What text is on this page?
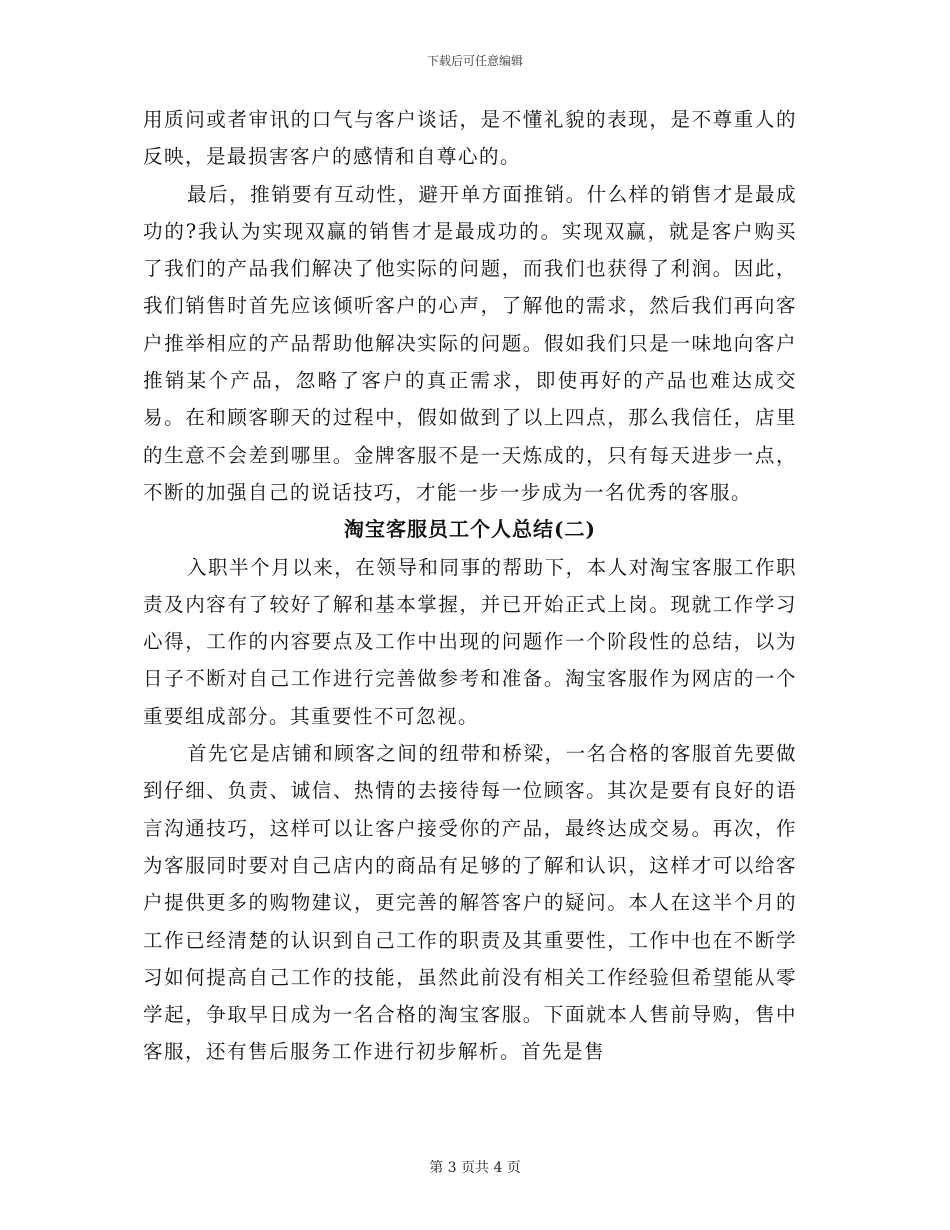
下载后可任意编辑

用质问或者审讯的口气与客户谈话，是不懂礼貌的表现，是不尊重人的反映，是最损害客户的感情和自尊心的。

最后，推销要有互动性，避开单方面推销。什么样的销售才是最成功的?我认为实现双赢的销售才是最成功的。实现双赢，就是客户购买了我们的产品我们解决了他实际的问题，而我们也获得了利润。因此，我们销售时首先应该倾听客户的心声，了解他的需求，然后我们再向客户推举相应的产品帮助他解决实际的问题。假如我们只是一味地向客户推销某个产品，忽略了客户的真正需求，即使再好的产品也难达成交易。在和顾客聊天的过程中，假如做到了以上四点，那么我信任，店里的生意不会差到哪里。金牌客服不是一天炼成的，只有每天进步一点，不断的加强自己的说话技巧，才能一步一步成为一名优秀的客服。

淘宝客服员工个人总结(二)

入职半个月以来，在领导和同事的帮助下，本人对淘宝客服工作职责及内容有了较好了解和基本掌握，并已开始正式上岗。现就工作学习心得，工作的内容要点及工作中出现的问题作一个阶段性的总结，以为日子不断对自己工作进行完善做参考和准备。淘宝客服作为网店的一个重要组成部分。其重要性不可忽视。

首先它是店铺和顾客之间的纽带和桥梁，一名合格的客服首先要做到仔细、负责、诚信、热情的去接待每一位顾客。其次是要有良好的语言沟通技巧，这样可以让客户接受你的产品，最终达成交易。再次，作为客服同时要对自己店内的商品有足够的了解和认识，这样才可以给客户提供更多的购物建议，更完善的解答客户的疑问。本人在这半个月的工作已经清楚的认识到自己工作的职责及其重要性，工作中也在不断学习如何提高自己工作的技能，虽然此前没有相关工作经验但希望能从零学起，争取早日成为一名合格的淘宝客服。下面就本人售前导购，售中客服，还有售后服务工作进行初步解析。首先是售

第 3 页共 4 页
